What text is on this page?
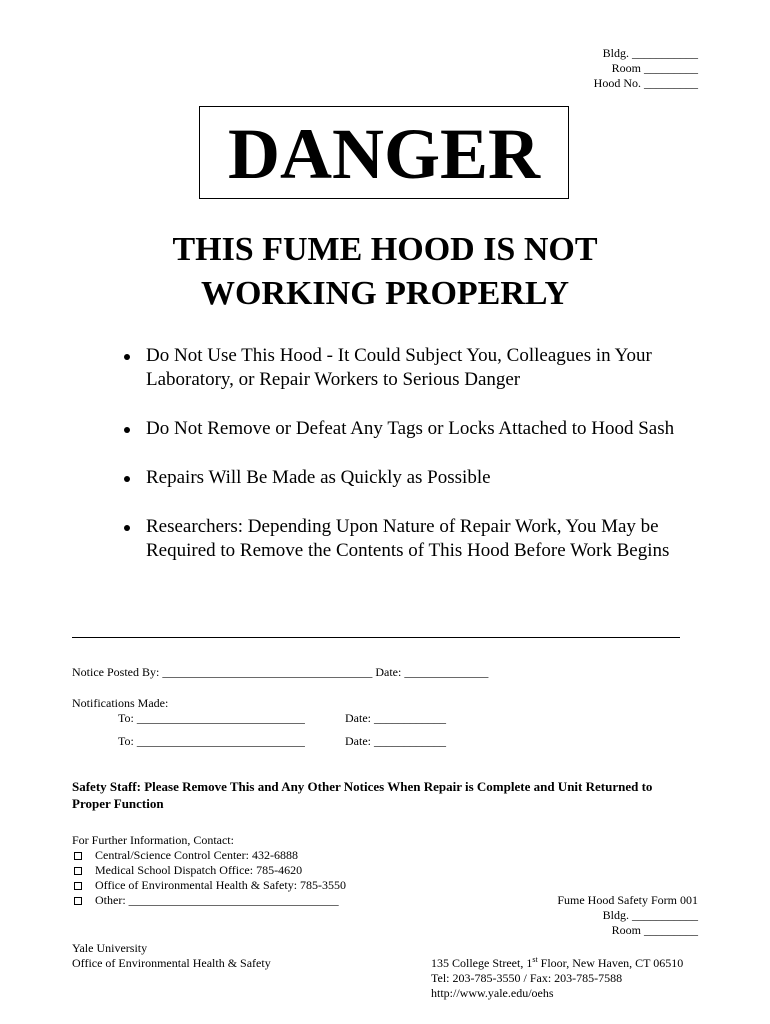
Bldg. ___________
Room _________
Hood No. _________
DANGER
THIS FUME HOOD IS NOT
WORKING PROPERLY
Do Not Use This Hood - It Could Subject You, Colleagues in Your Laboratory, or Repair Workers to Serious Danger
Do Not Remove or Defeat Any Tags or Locks Attached to Hood Sash
Repairs Will Be Made as Quickly as Possible
Researchers: Depending Upon Nature of Repair Work, You May be Required to Remove the Contents of This Hood Before Work Begins
Notice Posted By: ___________________________________ Date: ______________
Notifications Made:
To: ____________________________	Date: ____________
To: ____________________________	Date: ____________
Safety Staff: Please Remove This and Any Other Notices When Repair is Complete and Unit Returned to Proper Function
For Further Information, Contact:
Central/Science Control Center: 432-6888
Medical School Dispatch Office: 785-4620
Office of Environmental Health & Safety: 785-3550
Other: ___________________________________	Fume Hood Safety Form 001
Bldg. ___________
Room _________
Yale University
Office of Environmental Health & Safety	135 College Street, 1st Floor, New Haven, CT 06510
Tel: 203-785-3550 / Fax: 203-785-7588
http://www.yale.edu/oehs
